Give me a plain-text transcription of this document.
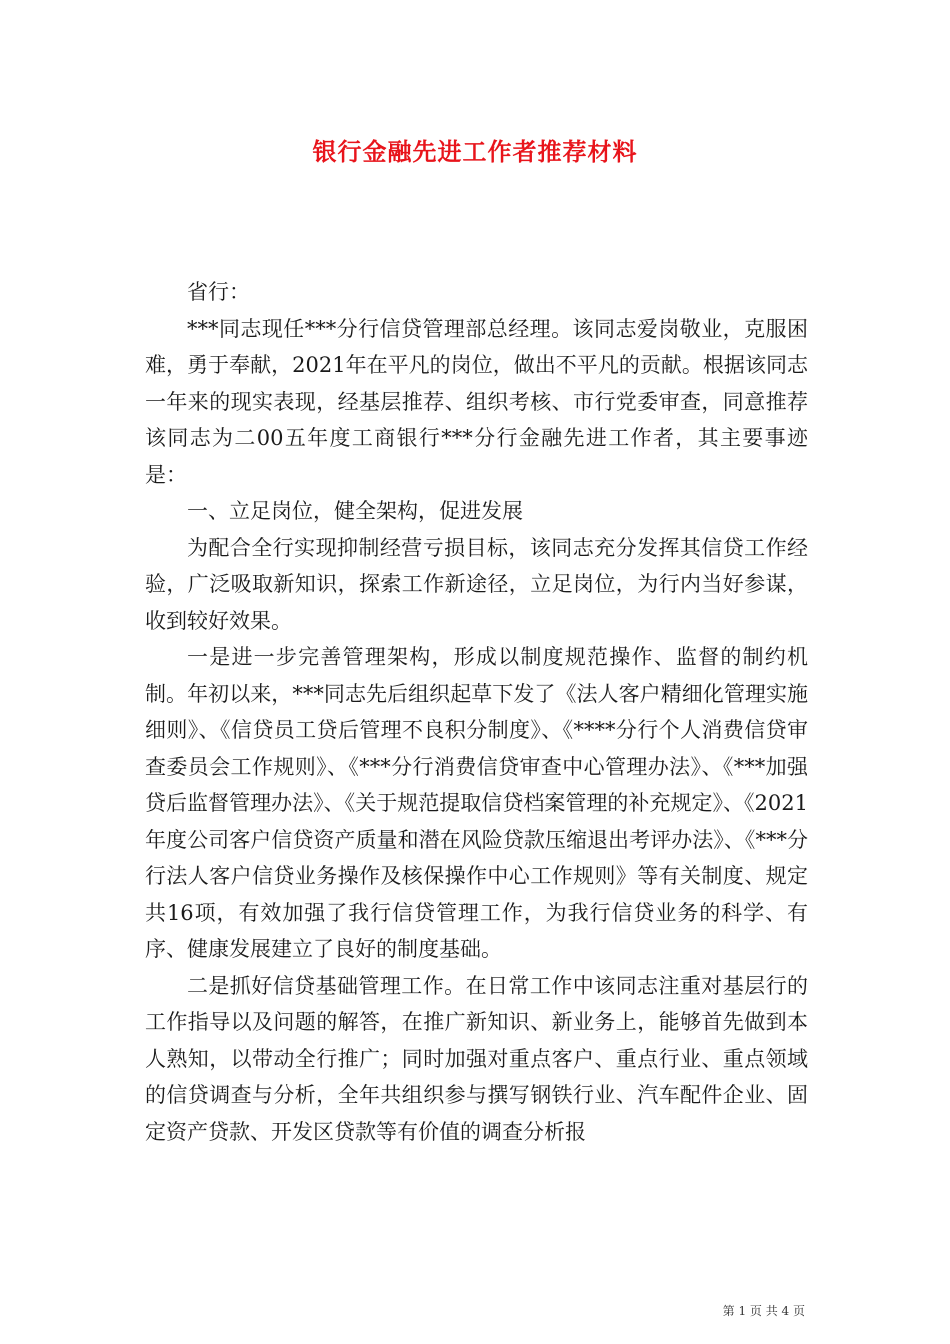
银行金融先进工作者推荐材料

省行：

***同志现任***分行信贷管理部总经理。该同志爱岗敬业，克服困难，勇于奉献，2021年在平凡的岗位，做出不平凡的贡献。根据该同志一年来的现实表现，经基层推荐、组织考核、市行党委审查，同意推荐该同志为二00五年度工商银行***分行金融先进工作者，其主要事迹是：

一、立足岗位，健全架构，促进发展

为配合全行实现抑制经营亏损目标，该同志充分发挥其信贷工作经验，广泛吸取新知识，探索工作新途径，立足岗位，为行内当好参谋，收到较好效果。

一是进一步完善管理架构，形成以制度规范操作、监督的制约机制。年初以来，***同志先后组织起草下发了《法人客户精细化管理实施细则》、《信贷员工贷后管理不良积分制度》、《****分行个人消费信贷审查委员会工作规则》、《***分行消费信贷审查中心管理办法》、《***加强贷后监督管理办法》、《关于规范提取信贷档案管理的补充规定》、《2021年度公司客户信贷资产质量和潜在风险贷款压缩退出考评办法》、《***分行法人客户信贷业务操作及核保操作中心工作规则》等有关制度、规定共16项，有效加强了我行信贷管理工作，为我行信贷业务的科学、有序、健康发展建立了良好的制度基础。

二是抓好信贷基础管理工作。在日常工作中该同志注重对基层行的工作指导以及问题的解答，在推广新知识、新业务上，能够首先做到本人熟知，以带动全行推广；同时加强对重点客户、重点行业、重点领域的信贷调查与分析，全年共组织参与撰写钢铁行业、汽车配件企业、固定资产贷款、开发区贷款等有价值的调查分析报

第 1 页 共 4 页
